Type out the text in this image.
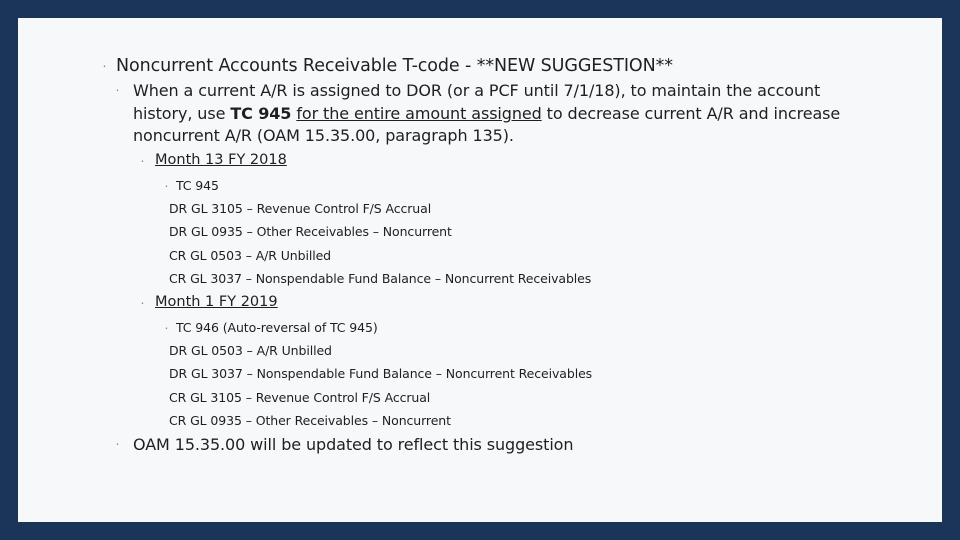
• Noncurrent Accounts Receivable T-code - **NEW SUGGESTION**
• When a current A/R is assigned to DOR (or a PCF until 7/1/18), to maintain the account
history, use TC 945 for the entire amount assigned to decrease current A/R and increase
noncurrent A/R (OAM 15.35.00, paragraph 135).
• Month 13 FY 2018
• TC 945
DR GL 3105 – Revenue Control F/S Accrual
DR GL 0935 – Other Receivables – Noncurrent
CR GL 0503 – A/R Unbilled
CR GL 3037 – Nonspendable Fund Balance – Noncurrent Receivables
• Month 1 FY 2019
• TC 946 (Auto-reversal of TC 945)
DR GL 0503 – A/R Unbilled
DR GL 3037 – Nonspendable Fund Balance – Noncurrent Receivables
CR GL 3105 – Revenue Control F/S Accrual
CR GL 0935 – Other Receivables – Noncurrent
• OAM 15.35.00 will be updated to reflect this suggestion
